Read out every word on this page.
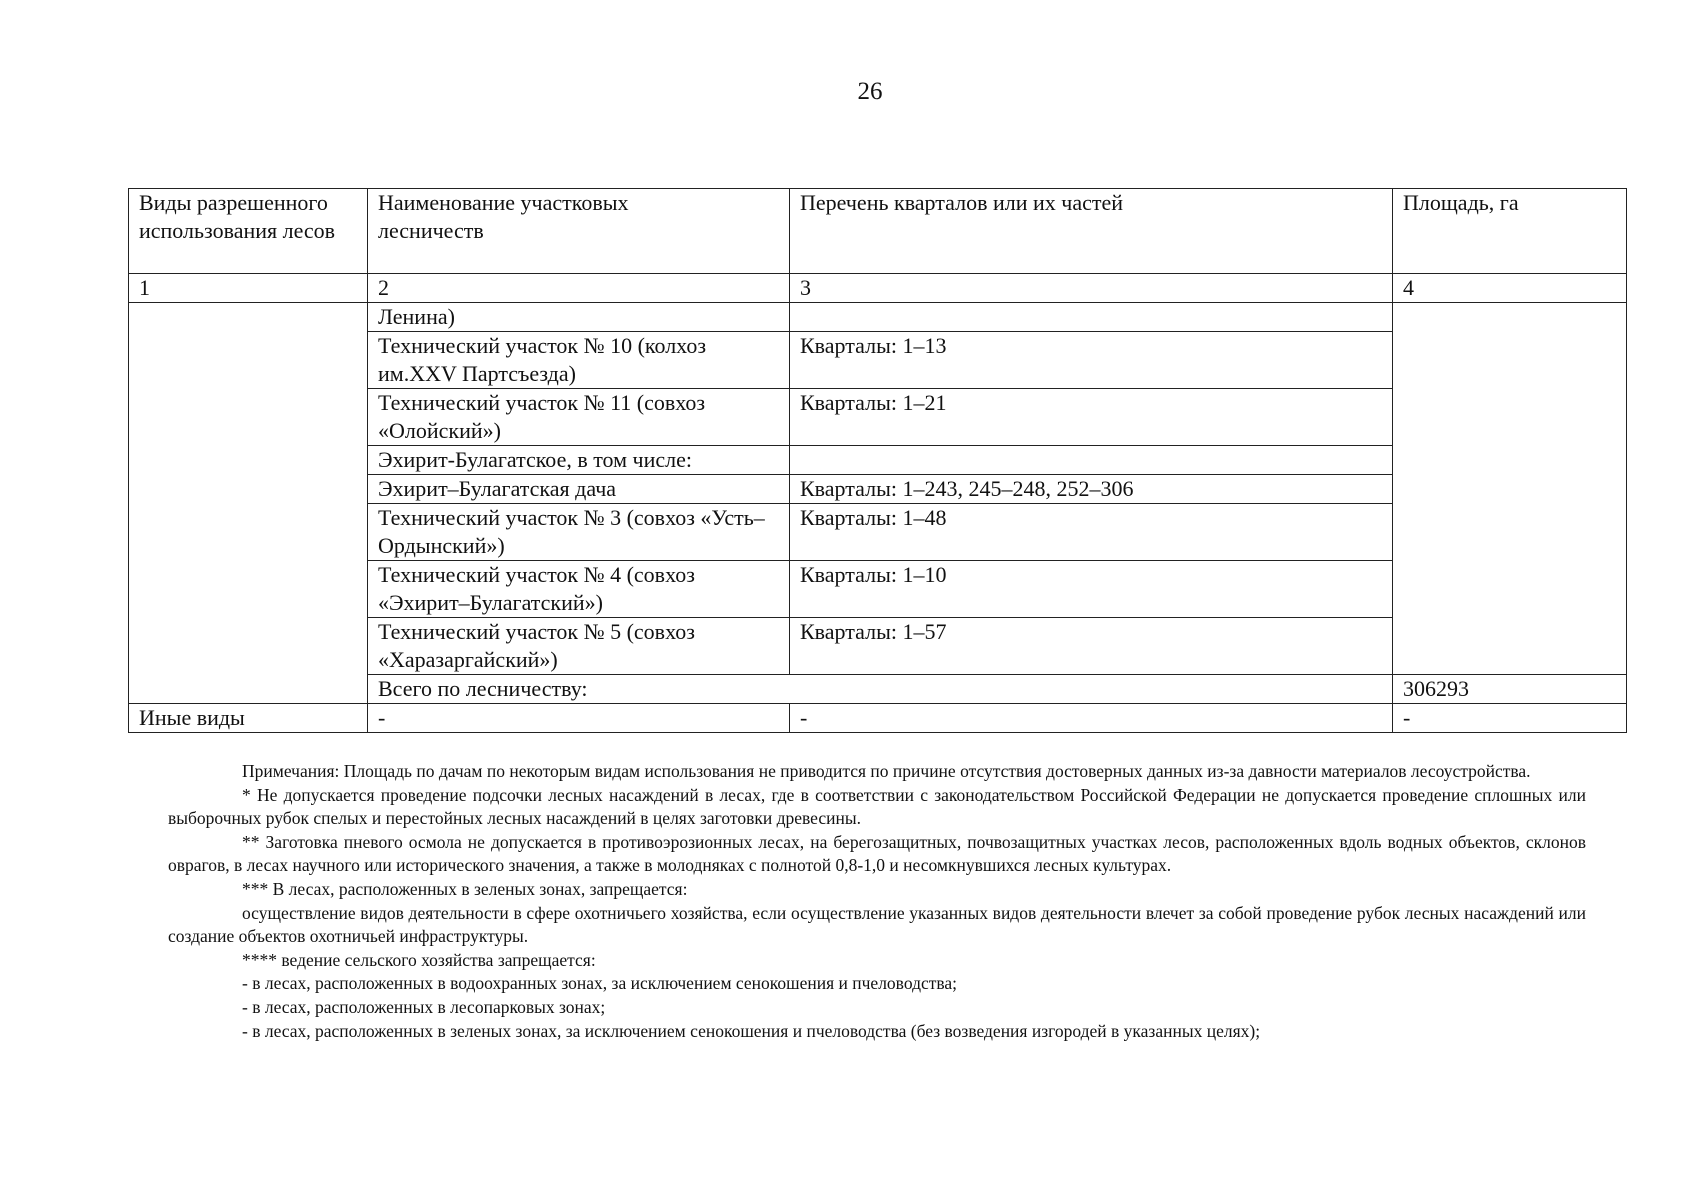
26
Виды разрешенного использования лесов	Наименование участковых лесничеств	Перечень кварталов или их частей	Площадь, га
1	2	3	4
	Ленина)		
	Технический участок № 10 (колхоз им.XXV Партсъезда)	Кварталы: 1–13	
	Технический участок № 11 (совхоз «Олойский»)	Кварталы: 1–21	
	Эхирит-Булагатское, в том числе:		
	Эхирит–Булагатская дача	Кварталы: 1–243, 245–248, 252–306	
	Технический участок № 3 (совхоз «Усть–Ордынский»)	Кварталы: 1–48	
	Технический участок № 4 (совхоз «Эхирит–Булагатский»)	Кварталы: 1–10	
	Технический участок № 5 (совхоз «Харазаргайский»)	Кварталы: 1–57	
	Всего по лесничеству:		306293
Иные виды	-	-	-

Примечания: Площадь по дачам по некоторым видам использования не приводится по причине отсутствия достоверных данных из-за давности материалов лесоустройства.

* Не допускается проведение подсочки лесных насаждений в лесах, где в соответствии с законодательством Российской Федерации не допускается проведение сплошных или выборочных рубок спелых и перестойных лесных насаждений в целях заготовки древесины.

** Заготовка пневого осмола не допускается в противоэрозионных лесах, на берегозащитных, почвозащитных участках лесов, расположенных вдоль водных объектов, склонов оврагов, в лесах научного или исторического значения, а также в молодняках с полнотой 0,8-1,0 и несомкнувшихся лесных культурах.

*** В лесах, расположенных в зеленых зонах, запрещается:

осуществление видов деятельности в сфере охотничьего хозяйства, если осуществление указанных видов деятельности влечет за собой проведение рубок лесных насаждений или создание объектов охотничьей инфраструктуры.

**** ведение сельского хозяйства запрещается:

- в лесах, расположенных в водоохранных зонах, за исключением сенокошения и пчеловодства;

- в лесах, расположенных в лесопарковых зонах;

- в лесах, расположенных в зеленых зонах, за исключением сенокошения и пчеловодства (без возведения изгородей в указанных целях);
